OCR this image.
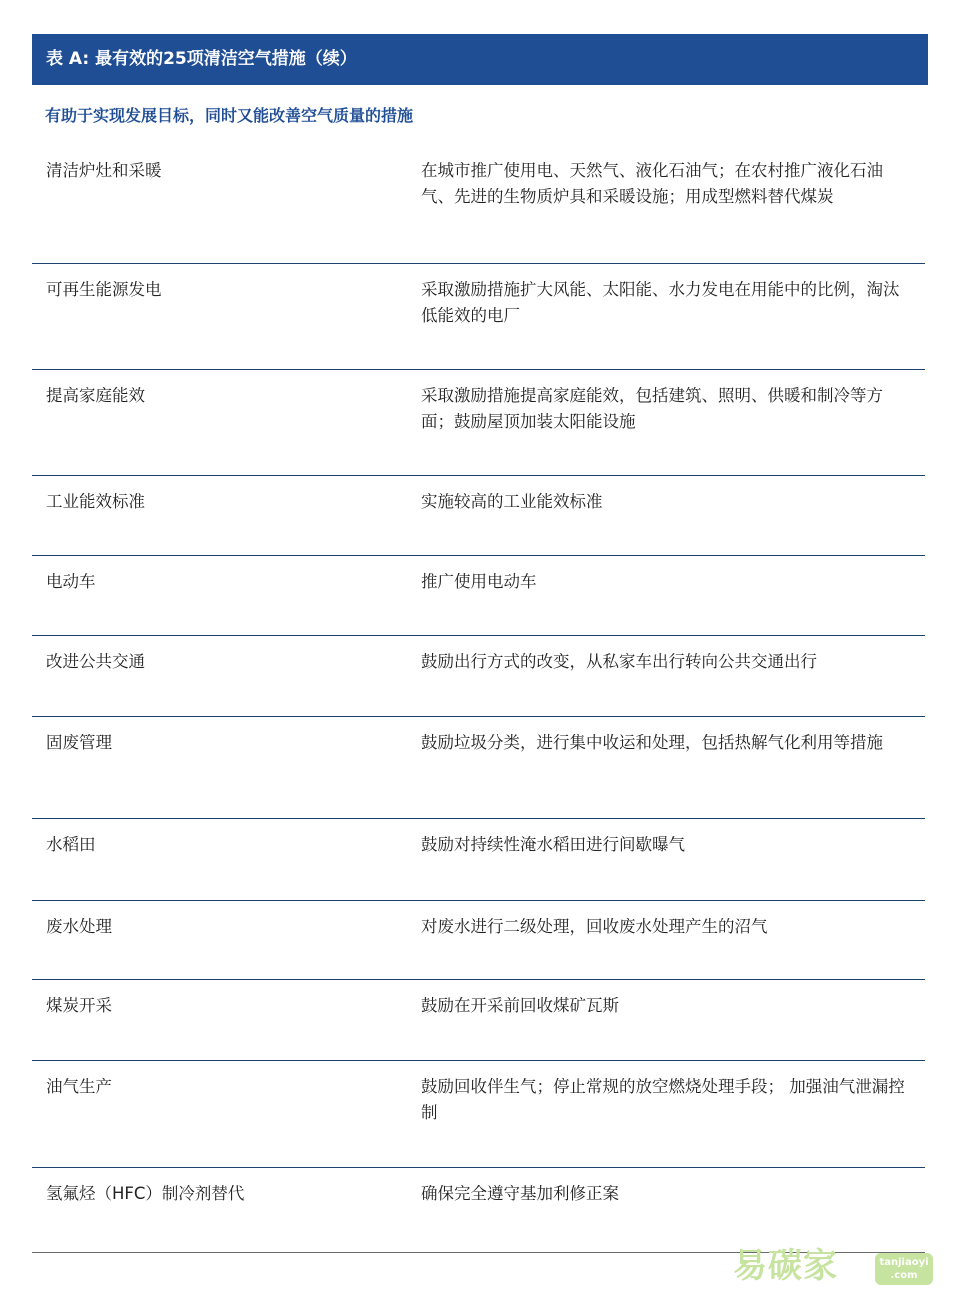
表 A: 最有效的25项清洁空气措施（续）
有助于实现发展目标，同时又能改善空气质量的措施
清洁炉灶和采暖	在城市推广使用电、天然气、液化石油气；在农村推广液化石油气、先进的生物质炉具和采暖设施；用成型燃料替代煤炭
可再生能源发电	采取激励措施扩大风能、太阳能、水力发电在用能中的比例，淘汰低能效的电厂
提高家庭能效	采取激励措施提高家庭能效，包括建筑、照明、供暖和制冷等方面；鼓励屋顶加装太阳能设施
工业能效标准	实施较高的工业能效标准
电动车	推广使用电动车
改进公共交通	鼓励出行方式的改变，从私家车出行转向公共交通出行
固废管理	鼓励垃圾分类，进行集中收运和处理，包括热解气化利用等措施
水稻田	鼓励对持续性淹水稻田进行间歇曝气
废水处理	对废水进行二级处理，回收废水处理产生的沼气
煤炭开采	鼓励在开采前回收煤矿瓦斯
油气生产	鼓励回收伴生气；停止常规的放空燃烧处理手段； 加强油气泄漏控制
氢氟烃（HFC）制冷剂替代	确保完全遵守基加利修正案
易碳家	tanjiaoyi
.com
